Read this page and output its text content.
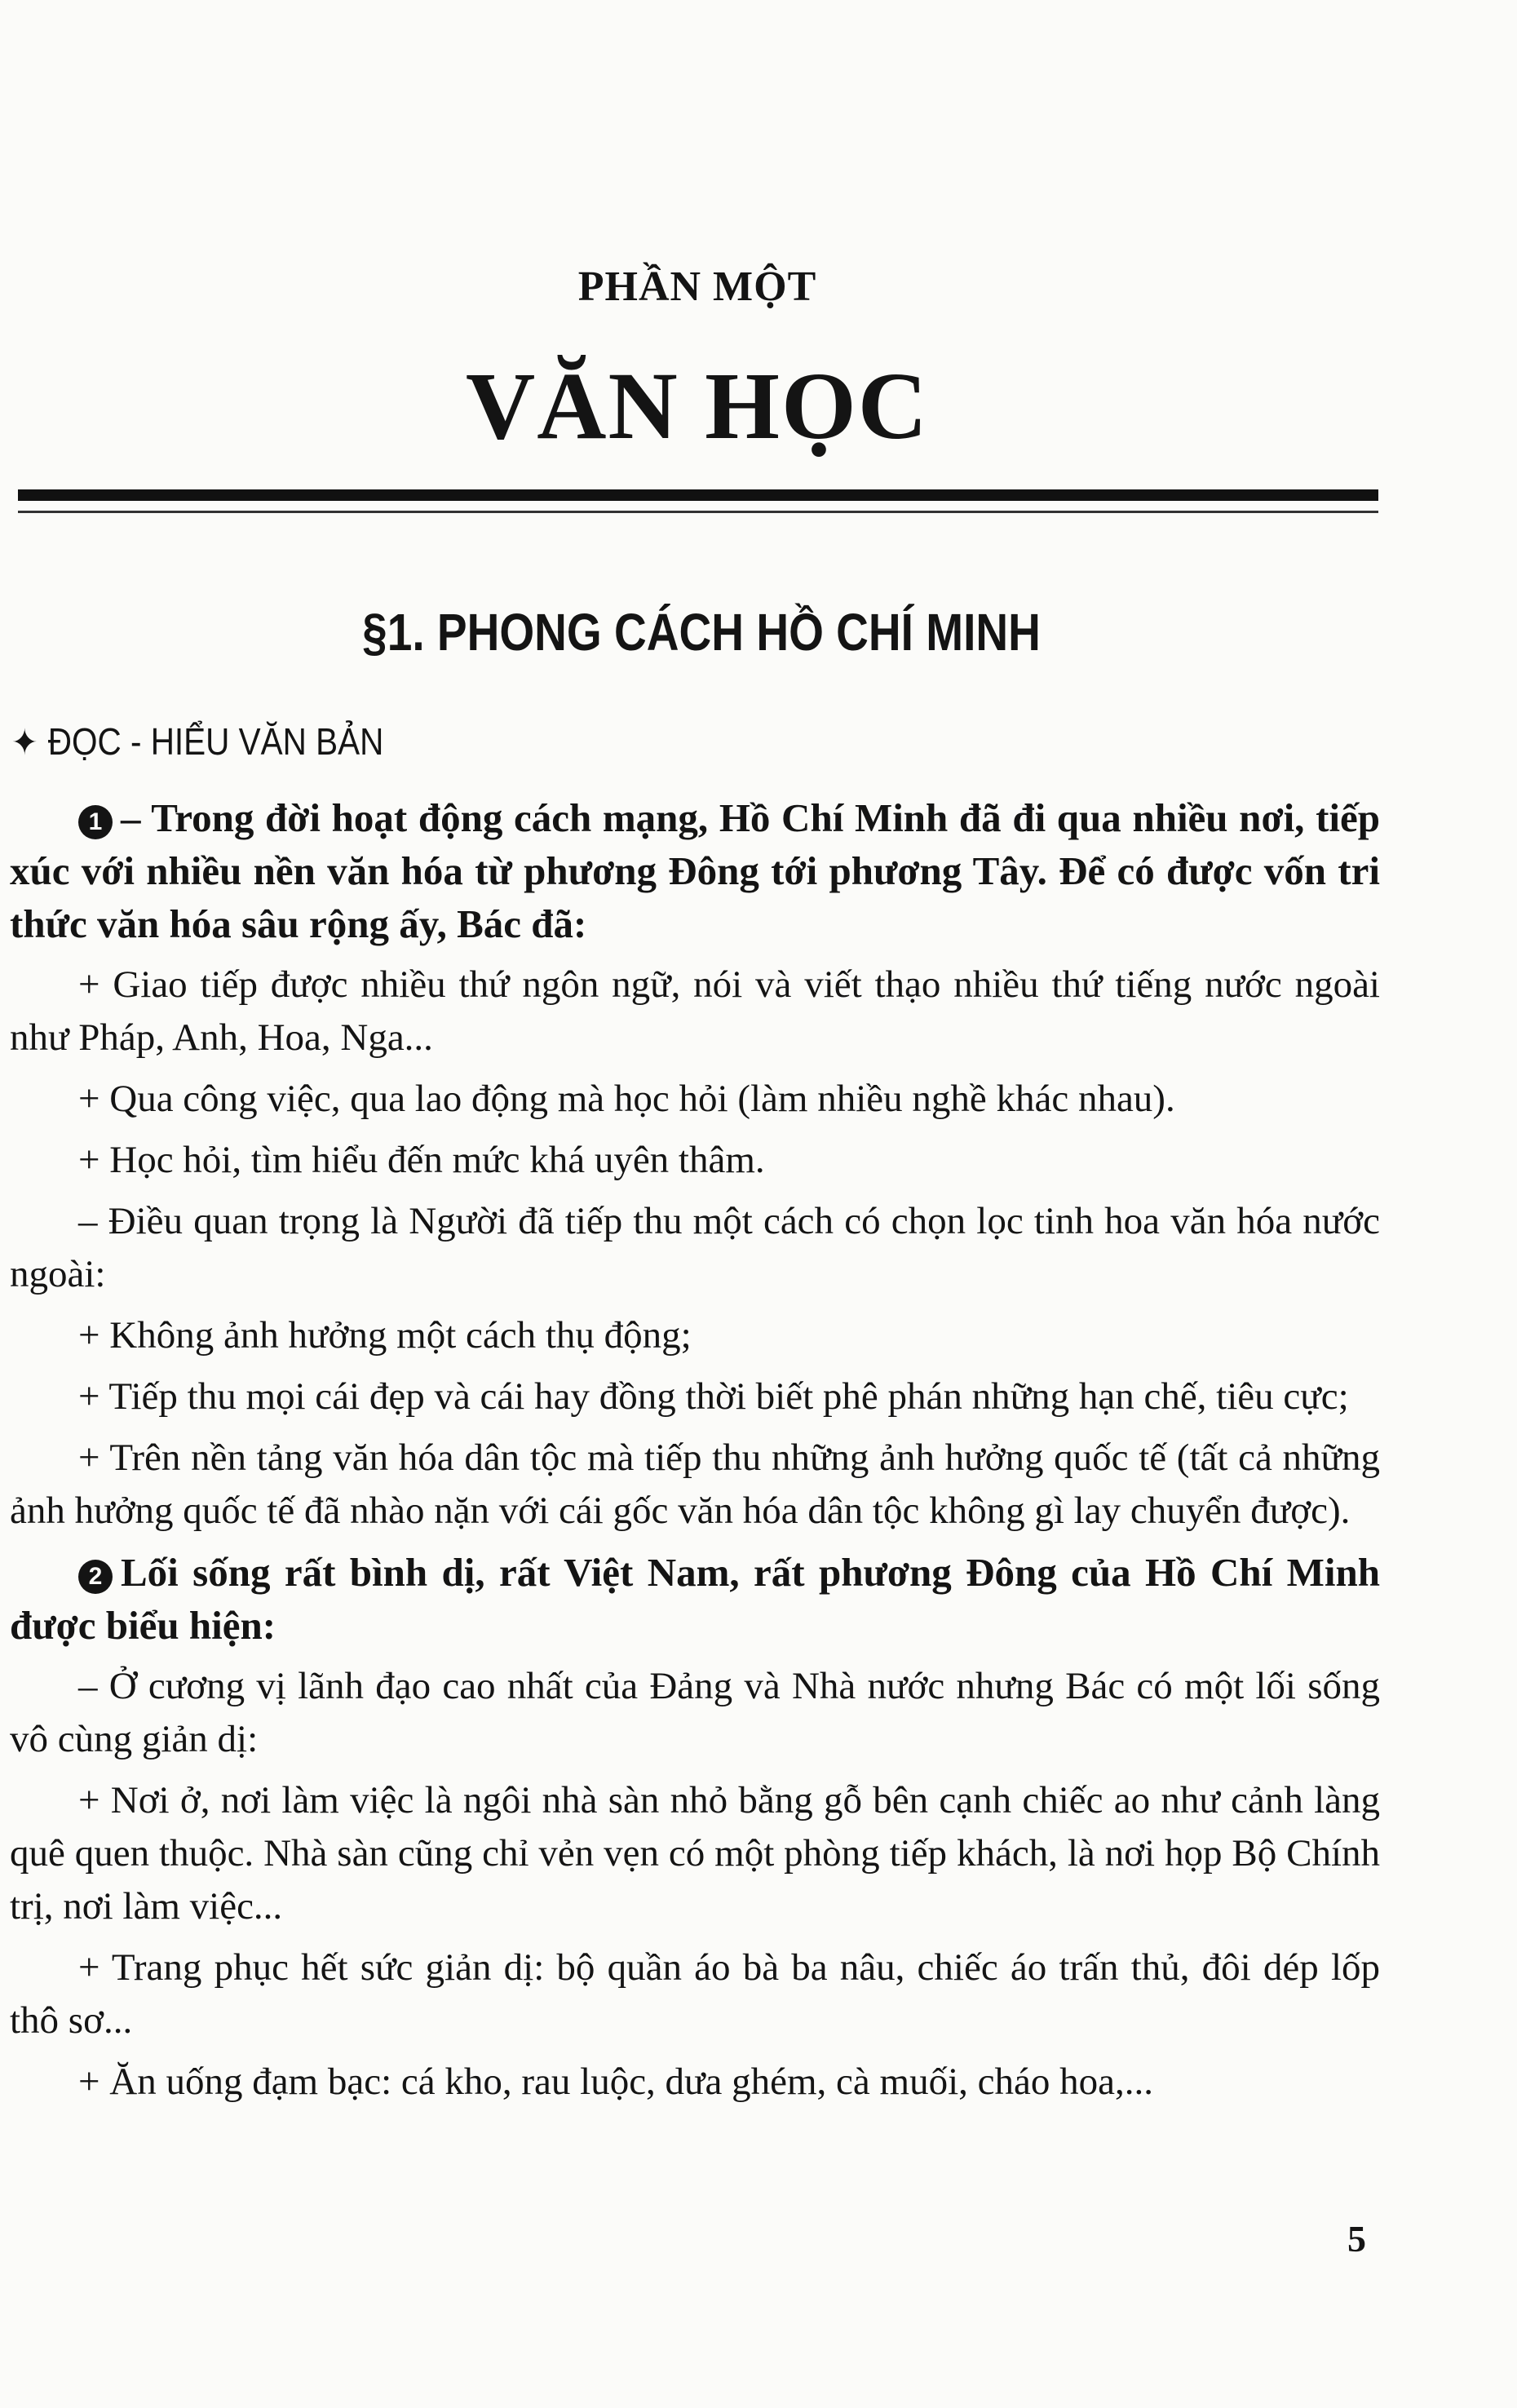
PHẦN MỘT
VĂN HỌC
§1. PHONG CÁCH HỒ CHÍ MINH
✦ ĐỌC - HIỂU VĂN BẢN

1 – Trong đời hoạt động cách mạng, Hồ Chí Minh đã đi qua nhiều nơi, tiếp xúc với nhiều nền văn hóa từ phương Đông tới phương Tây. Để có được vốn tri thức văn hóa sâu rộng ấy, Bác đã:

+ Giao tiếp được nhiều thứ ngôn ngữ, nói và viết thạo nhiều thứ tiếng nước ngoài như Pháp, Anh, Hoa, Nga...

+ Qua công việc, qua lao động mà học hỏi (làm nhiều nghề khác nhau).

+ Học hỏi, tìm hiểu đến mức khá uyên thâm.

– Điều quan trọng là Người đã tiếp thu một cách có chọn lọc tinh hoa văn hóa nước ngoài:

+ Không ảnh hưởng một cách thụ động;

+ Tiếp thu mọi cái đẹp và cái hay đồng thời biết phê phán những hạn chế, tiêu cực;

+ Trên nền tảng văn hóa dân tộc mà tiếp thu những ảnh hưởng quốc tế (tất cả những ảnh hưởng quốc tế đã nhào nặn với cái gốc văn hóa dân tộc không gì lay chuyển được).

2 Lối sống rất bình dị, rất Việt Nam, rất phương Đông của Hồ Chí Minh được biểu hiện:

– Ở cương vị lãnh đạo cao nhất của Đảng và Nhà nước nhưng Bác có một lối sống vô cùng giản dị:

+ Nơi ở, nơi làm việc là ngôi nhà sàn nhỏ bằng gỗ bên cạnh chiếc ao như cảnh làng quê quen thuộc. Nhà sàn cũng chỉ vẻn vẹn có một phòng tiếp khách, là nơi họp Bộ Chính trị, nơi làm việc...

+ Trang phục hết sức giản dị: bộ quần áo bà ba nâu, chiếc áo trấn thủ, đôi dép lốp thô sơ...

+ Ăn uống đạm bạc: cá kho, rau luộc, dưa ghém, cà muối, cháo hoa,...

5
